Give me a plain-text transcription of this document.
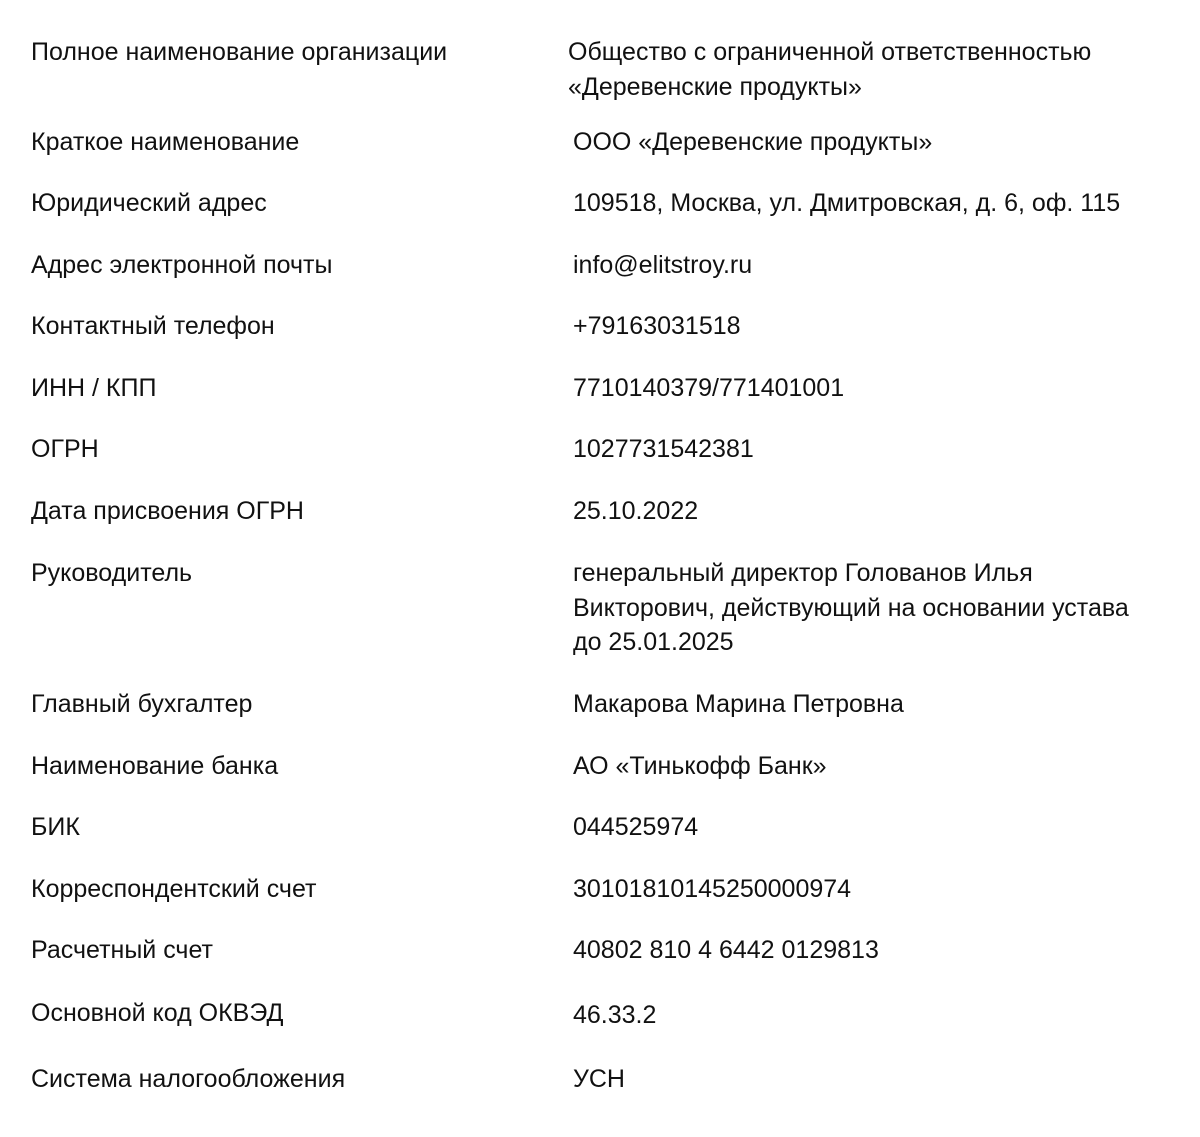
Полное наименование организации	Общество с ограниченной ответственностью
«Деревенские продукты»
Краткое наименование	ООО «Деревенские продукты»
Юридический адрес	109518, Москва, ул. Дмитровская, д. 6, оф. 115
Адрес электронной почты	info@elitstroy.ru
Контактный телефон	+79163031518
ИНН / КПП	7710140379/771401001
ОГРН	1027731542381
Дата присвоения ОГРН	25.10.2022
Руководитель	генеральный директор Голованов Илья
Викторович, действующий на основании устава
до 25.01.2025
Главный бухгалтер	Макарова Марина Петровна
Наименование банка	АО «Тинькофф Банк»
БИК	044525974
Корреспондентский счет	30101810145250000974
Расчетный счет	40802 810 4 6442 0129813
Основной код ОКВЭД	46.33.2
Система налогообложения	УСН
